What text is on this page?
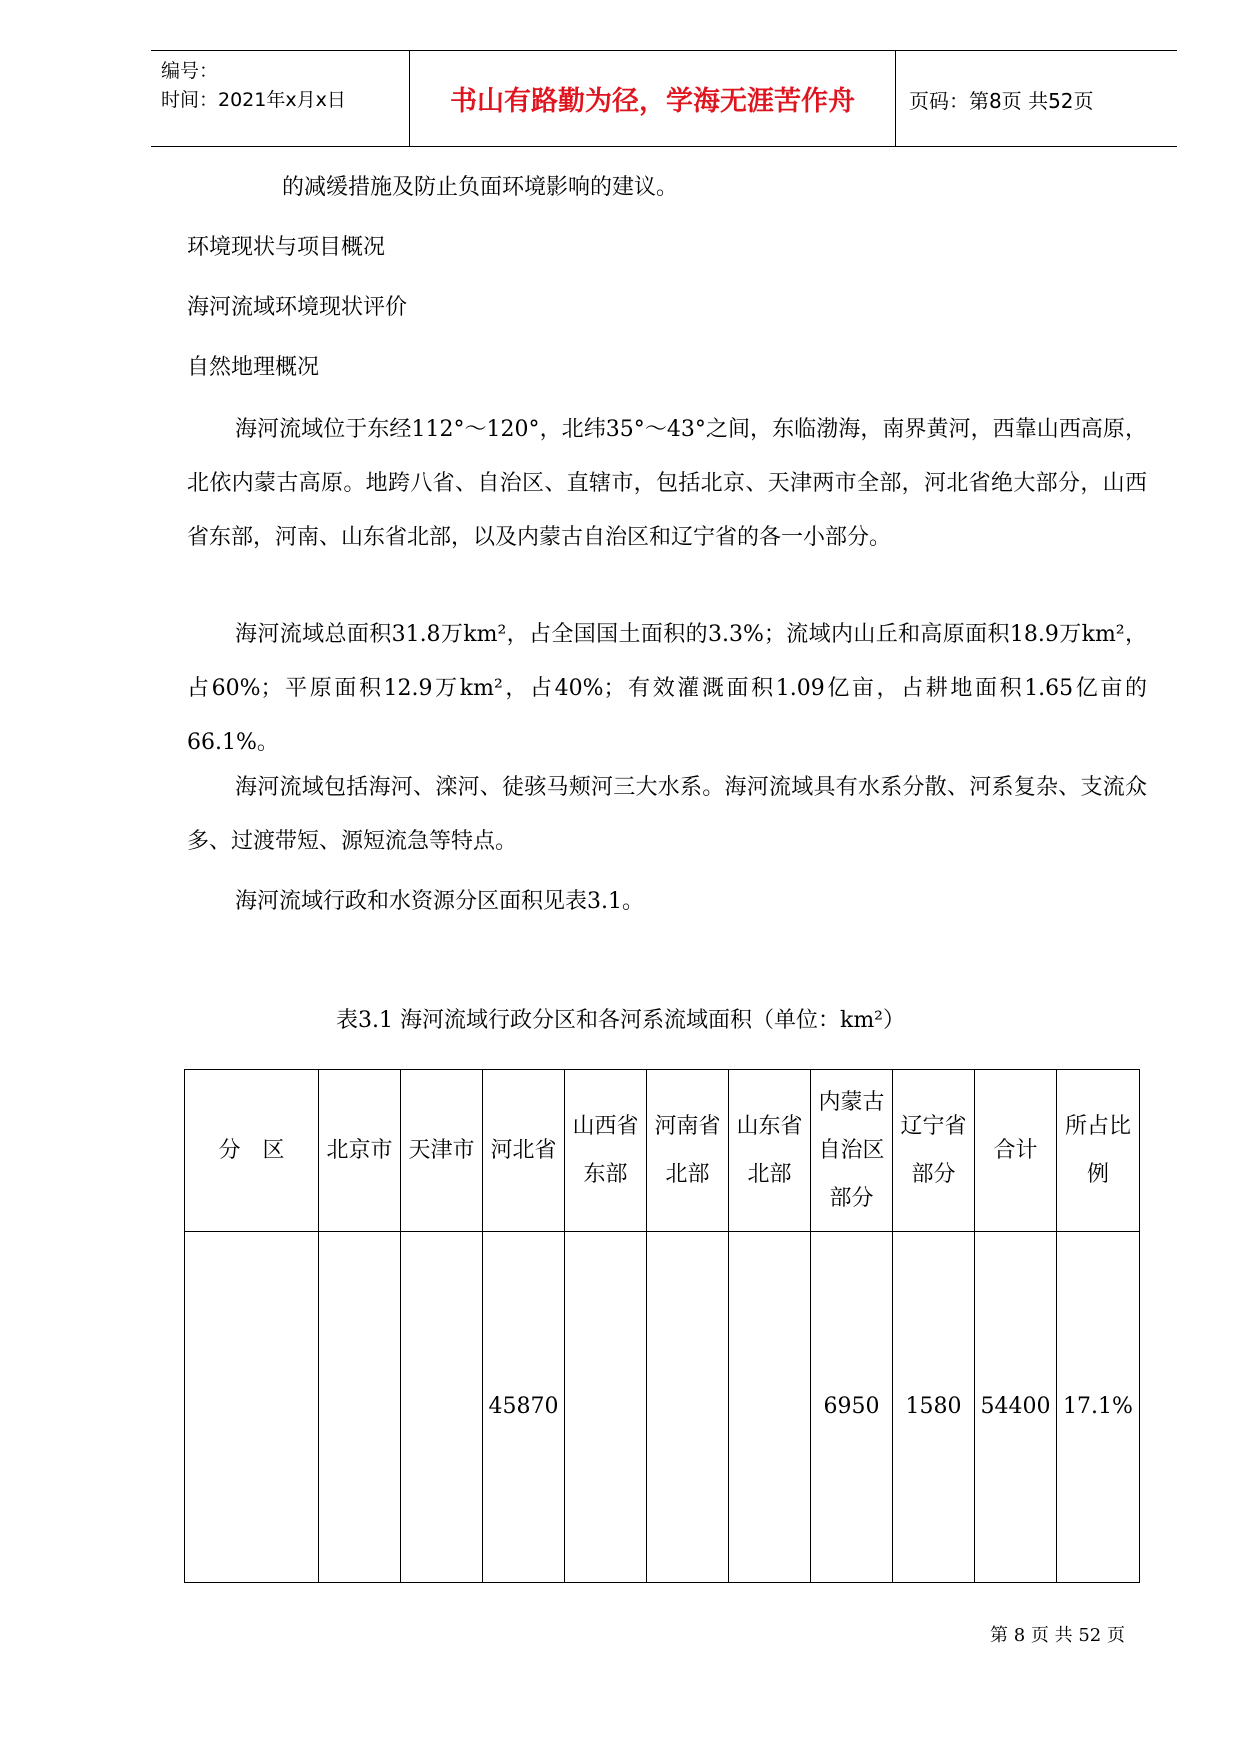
编号：
时间：2021年x月x日	书山有路勤为径，学海无涯苦作舟	页码：第8页 共52页
的减缓措施及防止负面环境影响的建议。
环境现状与项目概况
海河流域环境现状评价
自然地理概况
海河流域位于东经112°～120°，北纬35°～43°之间，东临渤海，南界黄河，西靠山西高原，北依内蒙古高原。地跨八省、自治区、直辖市，包括北京、天津两市全部，河北省绝大部分，山西省东部，河南、山东省北部，以及内蒙古自治区和辽宁省的各一小部分。
海河流域总面积31.8万km²，占全国国土面积的3.3%；流域内山丘和高原面积18.9万km²，占60%；平原面积12.9万km²，占40%；有效灌溉面积1.09亿亩，占耕地面积1.65亿亩的66.1%。
海河流域包括海河、滦河、徒骇马颊河三大水系。海河流域具有水系分散、河系复杂、支流众多、过渡带短、源短流急等特点。
海河流域行政和水资源分区面积见表3.1。
表3.1 海河流域行政分区和各河系流域面积（单位：km²）
分　区	北京市	天津市	河北省	山西省东部	河南省北部	山东省北部	内蒙古自治区部分	辽宁省部分	合计	所占比例
			45870				6950	1580	54400	17.1%
第 8 页 共 52 页
